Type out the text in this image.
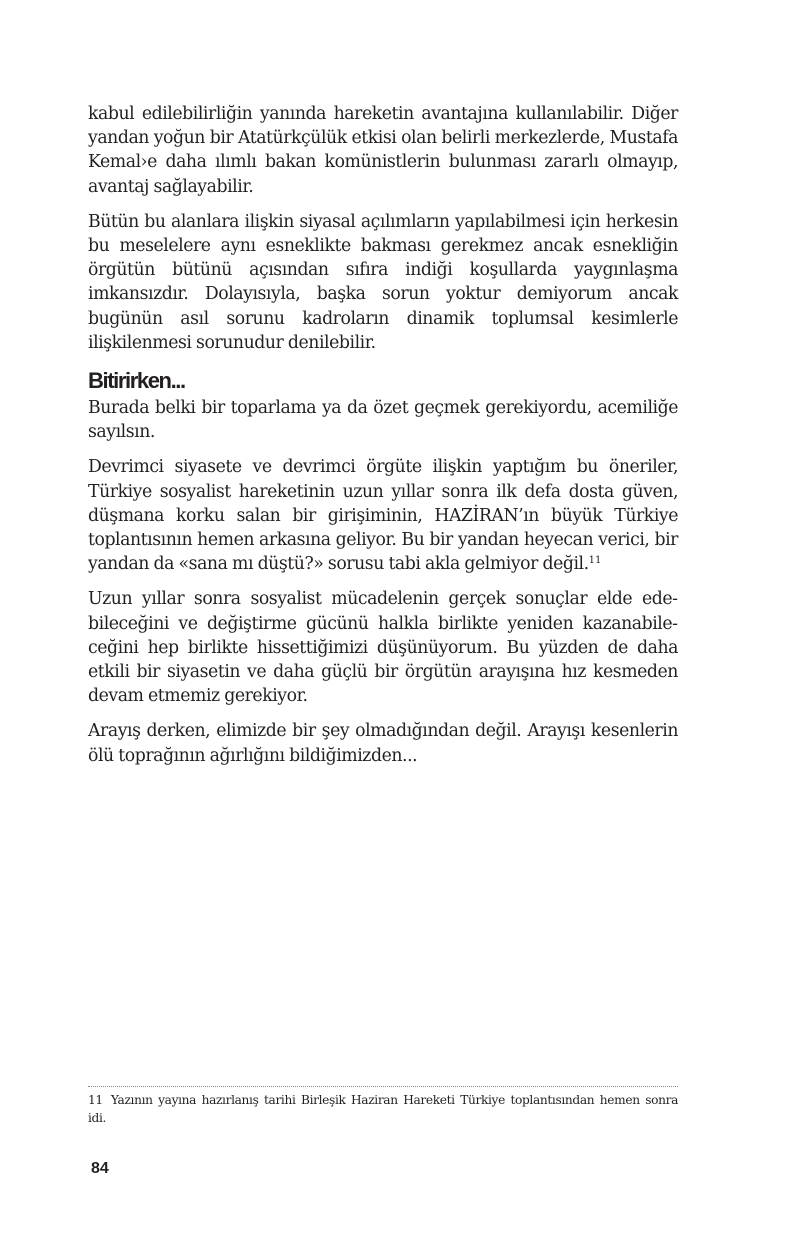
kabul edilebilirliğin yanında hareketin avantajına kullanılabilir. Diğer yandan yoğun bir Atatürkçülük etkisi olan belirli merkezlerde, Mustafa Kemal›e daha ılımlı bakan komünistlerin bulunması zararlı olmayıp, avantaj sağlayabilir.

Bütün bu alanlara ilişkin siyasal açılımların yapılabilmesi için herkesin bu meselelere aynı esneklikte bakması gerekmez ancak esnekliğin örgütün bütünü açısından sıfıra indiği koşullarda yaygınlaşma imkansızdır. Dolayısıyla, başka sorun yoktur demiyorum ancak bugünün asıl sorunu kadroların dinamik toplumsal kesimlerle ilişkilenmesi sorunudur denilebilir.

Bitirirken...

Burada belki bir toparlama ya da özet geçmek gerekiyordu, acemiliğe sayılsın.

Devrimci siyasete ve devrimci örgüte ilişkin yaptığım bu öneriler, Türkiye sosyalist hareketinin uzun yıllar sonra ilk defa dosta güven, düşmana korku salan bir girişiminin, HAZİRAN’ın büyük Türkiye toplantısının hemen arkasına geliyor. Bu bir yandan heyecan verici, bir yandan da «sana mı düştü?» sorusu tabi akla gelmiyor değil.$^{11}$

Uzun yıllar sonra sosyalist mücadelenin gerçek sonuçlar elde edebileceğini ve değiştirme gücünü halkla birlikte yeniden kazanabileceğini hep birlikte hissettiğimizi düşünüyorum. Bu yüzden de daha etkili bir siyasetin ve daha güçlü bir örgütün arayışına hız kesmeden devam etmemiz gerekiyor.

Arayış derken, elimizde bir şey olmadığından değil. Arayışı kesenlerin ölü toprağının ağırlığını bildiğimizden...

11 Yazının yayına hazırlanış tarihi Birleşik Haziran Hareketi Türkiye toplantısından hemen sonra idi.
84
